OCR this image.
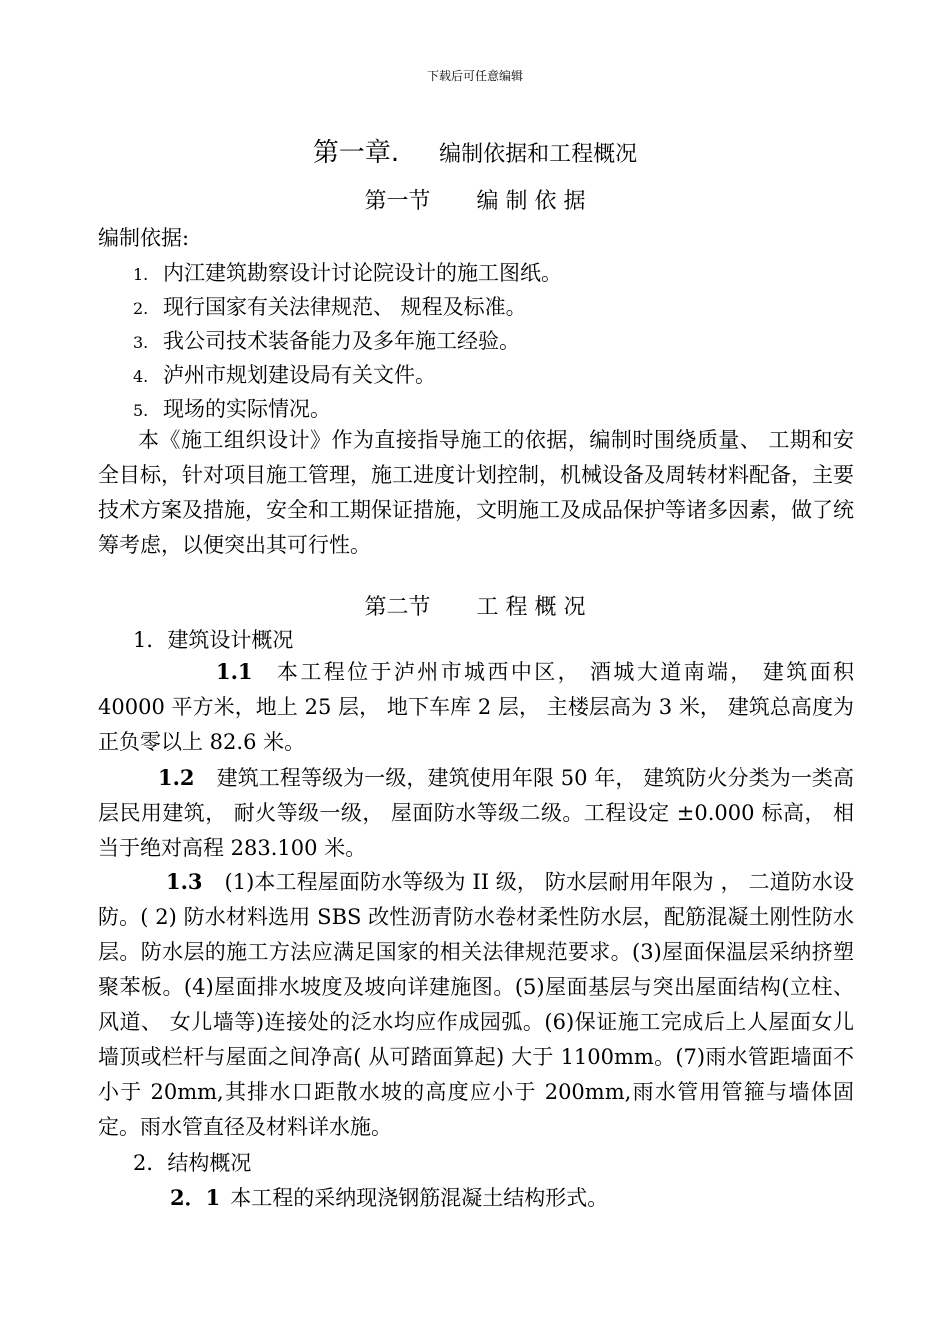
下载后可任意编辑
第一章. 编制依据和工程概况
第一节 编 制 依 据
编制依据:
1. 内江建筑勘察设计讨论院设计的施工图纸。
2. 现行国家有关法律规范、 规程及标准。
3. 我公司技术装备能力及多年施工经验。
4. 泸州市规划建设局有关文件。
5. 现场的实际情况。
本《施工组织设计》作为直接指导施工的依据，编制时围绕质量、 工期和安全目标，针对项目施工管理，施工进度计划控制，机械设备及周转材料配备，主要技术方案及措施，安全和工期保证措施，文明施工及成品保护等诸多因素，做了统筹考虑，以便突出其可行性。
第二节 工 程 概 况
1．建筑设计概况
1.1 本工程位于泸州市城西中区， 酒城大道南端， 建筑面积 40000 平方米，地上 25 层， 地下车库 2 层， 主楼层高为 3 米， 建筑总高度为正负零以上 82.6 米。
1.2 建筑工程等级为一级，建筑使用年限 50 年， 建筑防火分类为一类高层民用建筑， 耐火等级一级， 屋面防水等级二级。工程设定 ±0.000 标高， 相当于绝对高程 283.100 米。
1.3 (1)本工程屋面防水等级为 II 级， 防水层耐用年限为 ， 二道防水设防。( 2) 防水材料选用 SBS 改性沥青防水卷材柔性防水层，配筋混凝土刚性防水层。防水层的施工方法应满足国家的相关法律规范要求。(3)屋面保温层采纳挤塑聚苯板。(4)屋面排水坡度及坡向详建施图。(5)屋面基层与突出屋面结构(立柱、 风道、 女儿墙等)连接处的泛水均应作成园弧。(6)保证施工完成后上人屋面女儿墙顶或栏杆与屋面之间净高( 从可踏面算起) 大于 1100mm。(7)雨水管距墙面不小于 20mm,其排水口距散水坡的高度应小于 200mm,雨水管用管箍与墙体固定。雨水管直径及材料详水施。
2．结构概况
2．1 本工程的采纳现浇钢筋混凝土结构形式。
